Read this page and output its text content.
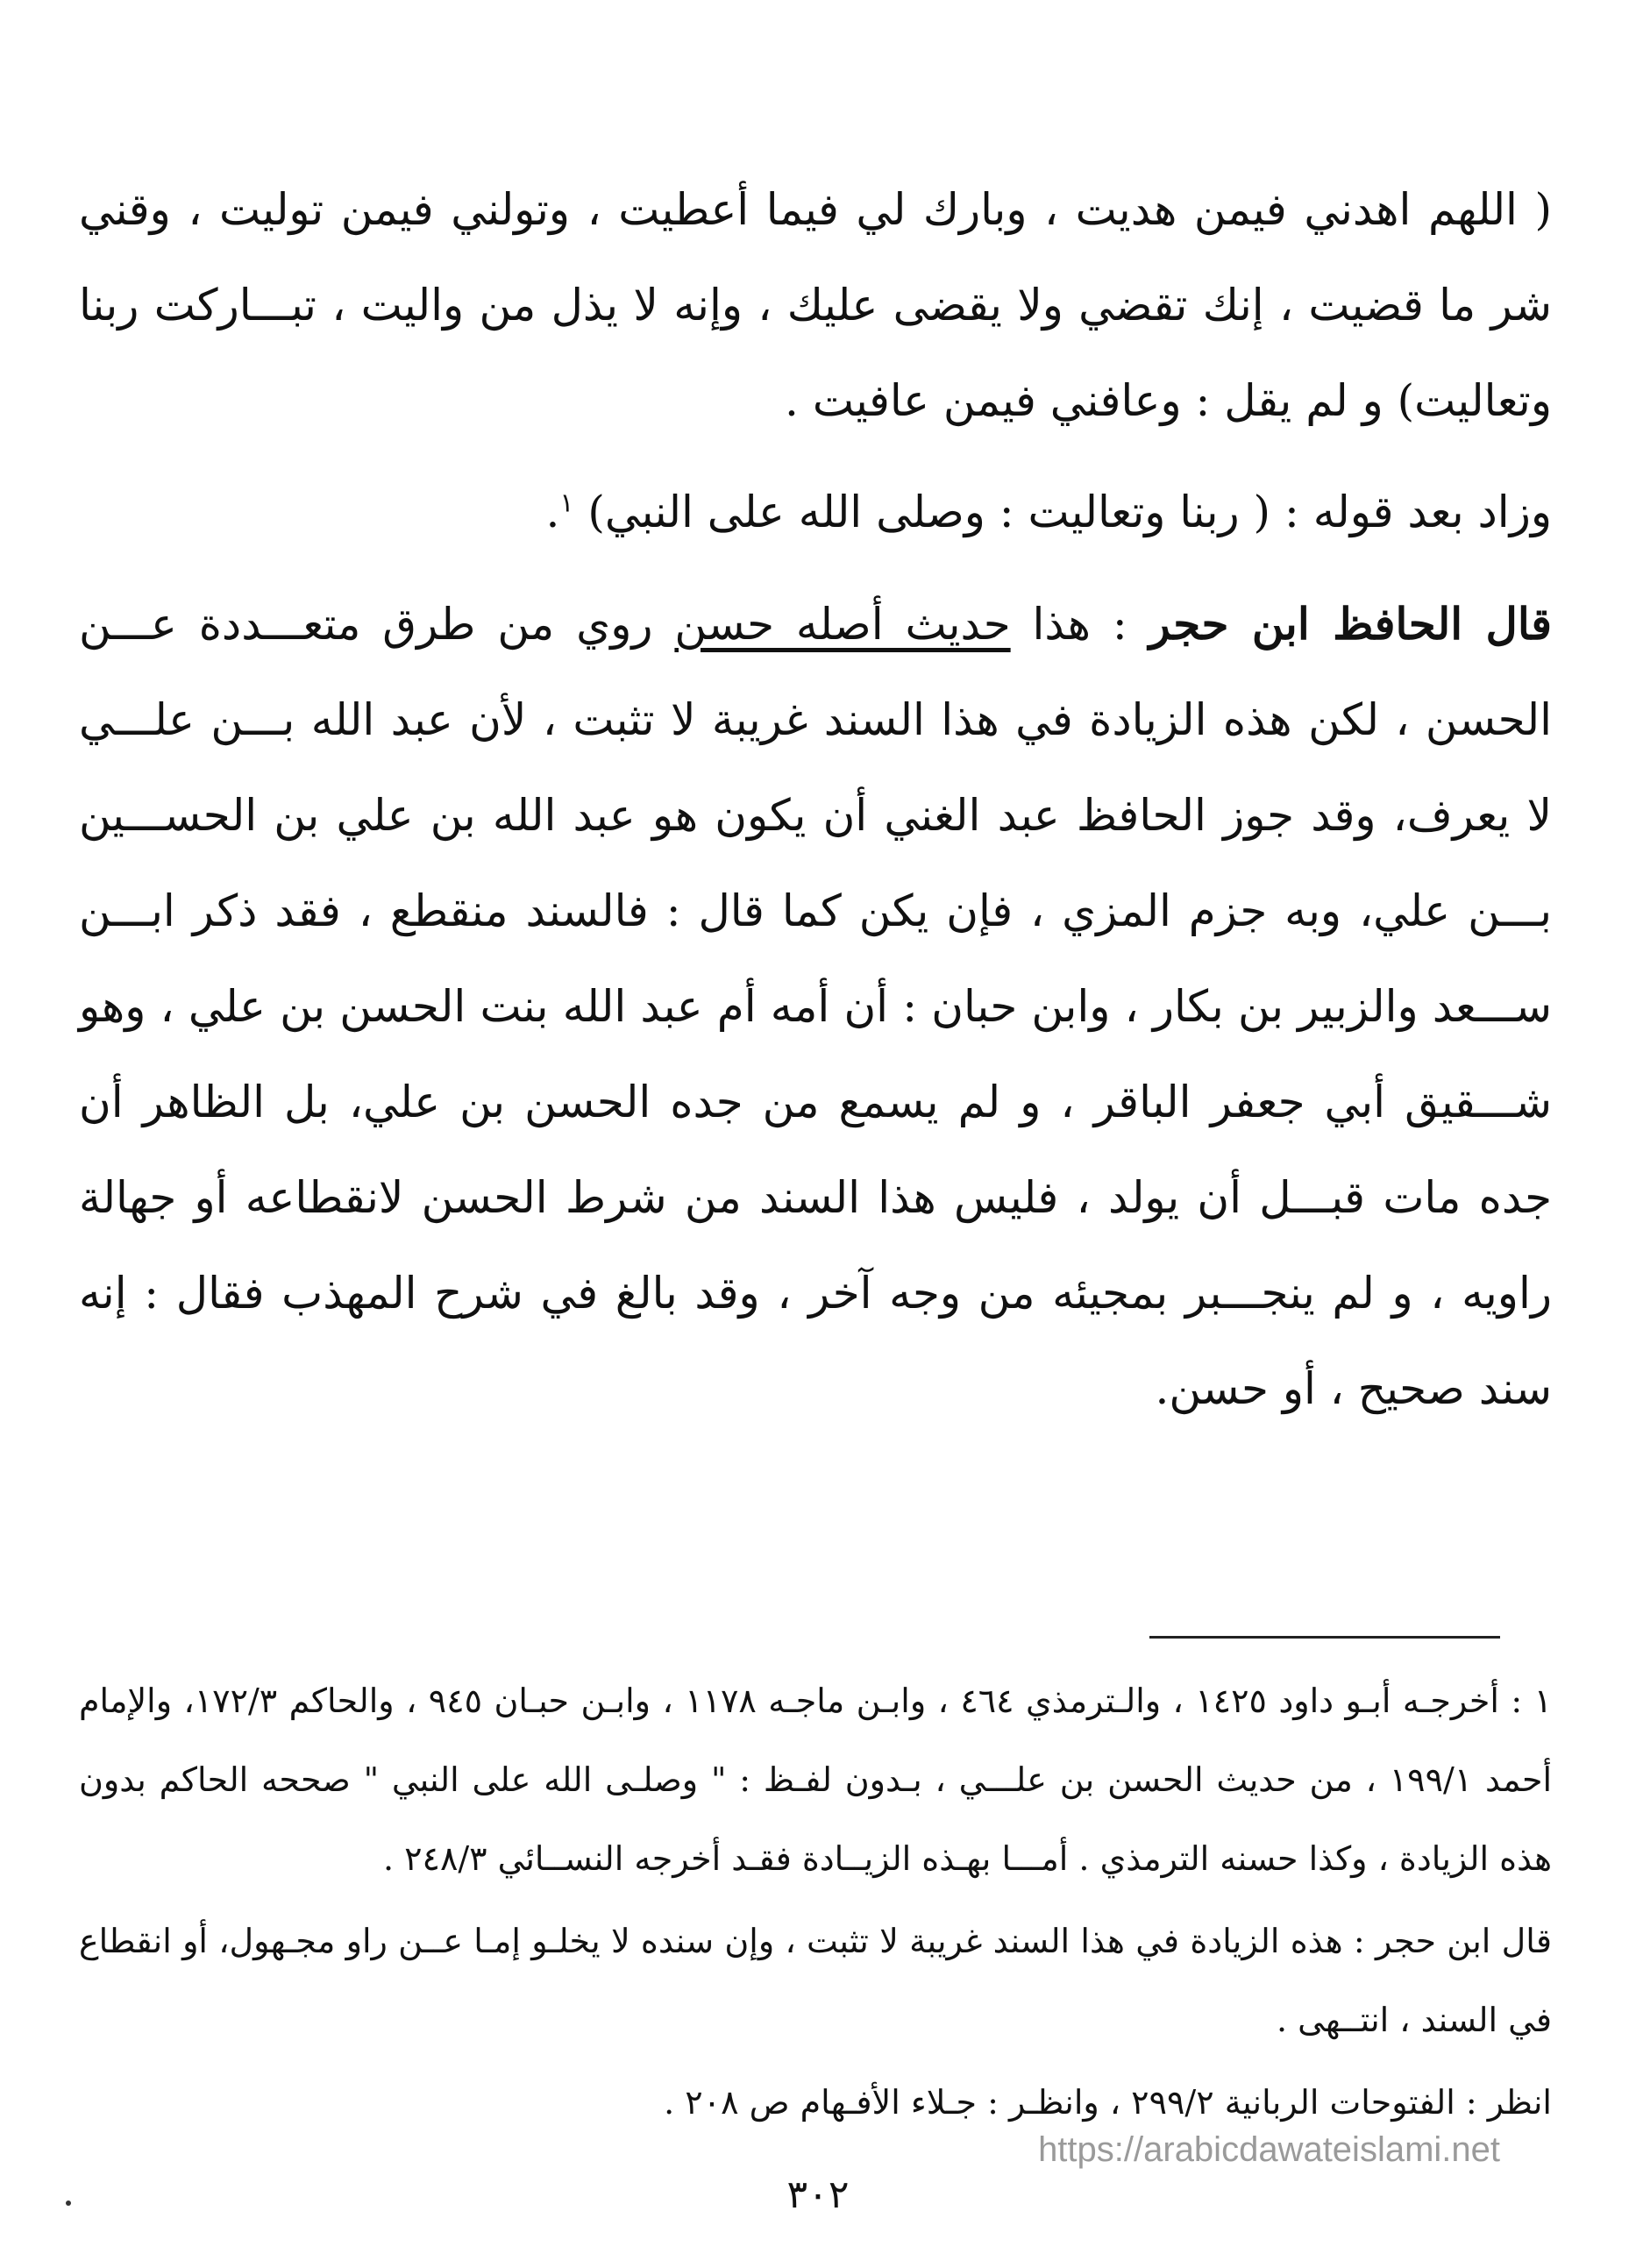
( اللهم اهدني فيمن هديت ، وبارك لي فيما أعطيت ، وتولني فيمن توليت ، وقني شر ما قضيت ، إنك تقضي ولا يقضى عليك ، وإنه لا يذل من واليت ، تبـــاركت ربنا وتعاليت) و لم يقل : وعافني فيمن عافيت .

وزاد بعد قوله : ( ربنا وتعاليت : وصلى الله على النبي) $^١$.

قال الحافظ ابن حجر : هذا حديث أصله حسن روي من طرق متعـــددة عـــن الحسن ، لكن هذه الزيادة في هذا السند غريبة لا تثبت ، لأن عبد الله بـــن علـــي لا يعرف، وقد جوز الحافظ عبد الغني أن يكون هو عبد الله بن علي بن الحســـين بـــن علي، وبه جزم المزي ، فإن يكن كما قال : فالسند منقطع ، فقد ذكر ابـــن ســـعد والزبير بن بكار ، وابن حبان : أن أمه أم عبد الله بنت الحسن بن علي ، وهو شـــقيق أبي جعفر الباقر ، و لم يسمع من جده الحسن بن علي، بل الظاهر أن جده مات قبـــل أن يولد ، فليس هذا السند من شرط الحسن لانقطاعه أو جهالة راويه ، و لم ينجـــبر بمجيئه من وجه آخر ، وقد بالغ في شرح المهذب فقال : إنه سند صحيح ، أو حسن.

١ : أخرجـه أبـو داود ١٤٢٥ ، والـترمذي ٤٦٤ ، وابـن ماجـه ١١٧٨ ، وابـن حبـان ٩٤٥ ، والحاكم ١٧٢/٣، والإمام أحمد ١٩٩/١ ، من حديث الحسن بن علـــي ، بـدون لفـظ : " وصلـى الله على النبي " صححه الحاكم بدون هذه الزيادة ، وكذا حسنه الترمذي . أمـــا بهـذه الزيــادة فقـد أخرجه النســائي ٢٤٨/٣ .

قال ابن حجر : هذه الزيادة في هذا السند غريبة لا تثبت ، وإن سنده لا يخلـو إمـا عــن راو مجـهول، أو انقطاع في السند ، انتــهى .

انظر : الفتوحات الربانية ٢٩٩/٢ ، وانظـر : جـلاء الأفـهام ص ٢٠٨ .

https://arabicdawateislami.net
٣٠٢
